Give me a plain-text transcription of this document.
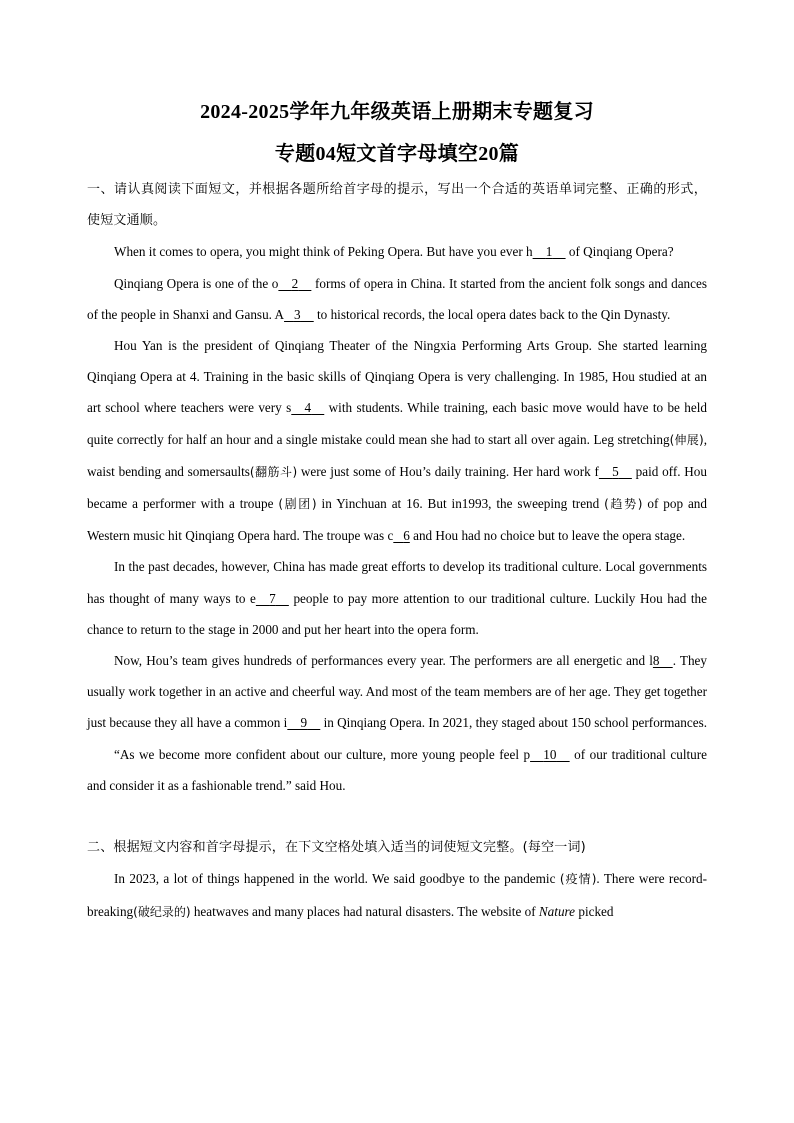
2024-2025学年九年级英语上册期末专题复习
专题04短文首字母填空20篇

一、请认真阅读下面短文，并根据各题所给首字母的提示，写出一个合适的英语单词完整、正确的形式，使短文通顺。

When it comes to opera, you might think of Peking Opera. But have you ever h 1     of Qinqiang Opera?

Qinqiang Opera is one of the o 2     forms of opera in China. It started from the ancient folk songs and dances of the people in Shanxi and Gansu. A 3     to historical records, the local opera dates back to the Qin Dynasty.

Hou Yan is the president of Qinqiang Theater of the Ningxia Performing Arts Group. She started learning Qinqiang Opera at 4. Training in the basic skills of Qinqiang Opera is very challenging. In 1985, Hou studied at an art school where teachers were very s 4     with students. While training, each basic move would have to be held quite correctly for half an hour and a single mistake could mean she had to start all over again. Leg stretching(伸展), waist bending and somersaults(翻筋斗) were just some of Hou’s daily training. Her hard work f 5     paid off. Hou became a performer with a troupe (剧团) in Yinchuan at 16. But in1993, the sweeping trend (趋势) of pop and Western music hit Qinqiang Opera hard. The troupe was c 6 and Hou had no choice but to leave the opera stage.

In the past decades, however, China has made great efforts to develop its traditional culture. Local governments has thought of many ways to e 7     people to pay more attention to our traditional culture. Luckily Hou had the chance to return to the stage in 2000 and put her heart into the opera form.

Now, Hou’s team gives hundreds of performances every year. The performers are all energetic and l8 . They usually work together in an active and cheerful way. And most of the team members are of her age. They get together just because they all have a common i 9     in Qinqiang Opera. In 2021, they staged about 150 school performances.

“As we become more confident about our culture, more young people feel p 10     of our traditional culture and consider it as a fashionable trend.” said Hou.

二、根据短文内容和首字母提示，在下文空格处填入适当的词使短文完整。(每空一词)

In 2023, a lot of things happened in the world. We said goodbye to the pandemic (疫情). There were record-breaking(破纪录的) heatwaves and many places had natural disasters. The website of Nature picked
